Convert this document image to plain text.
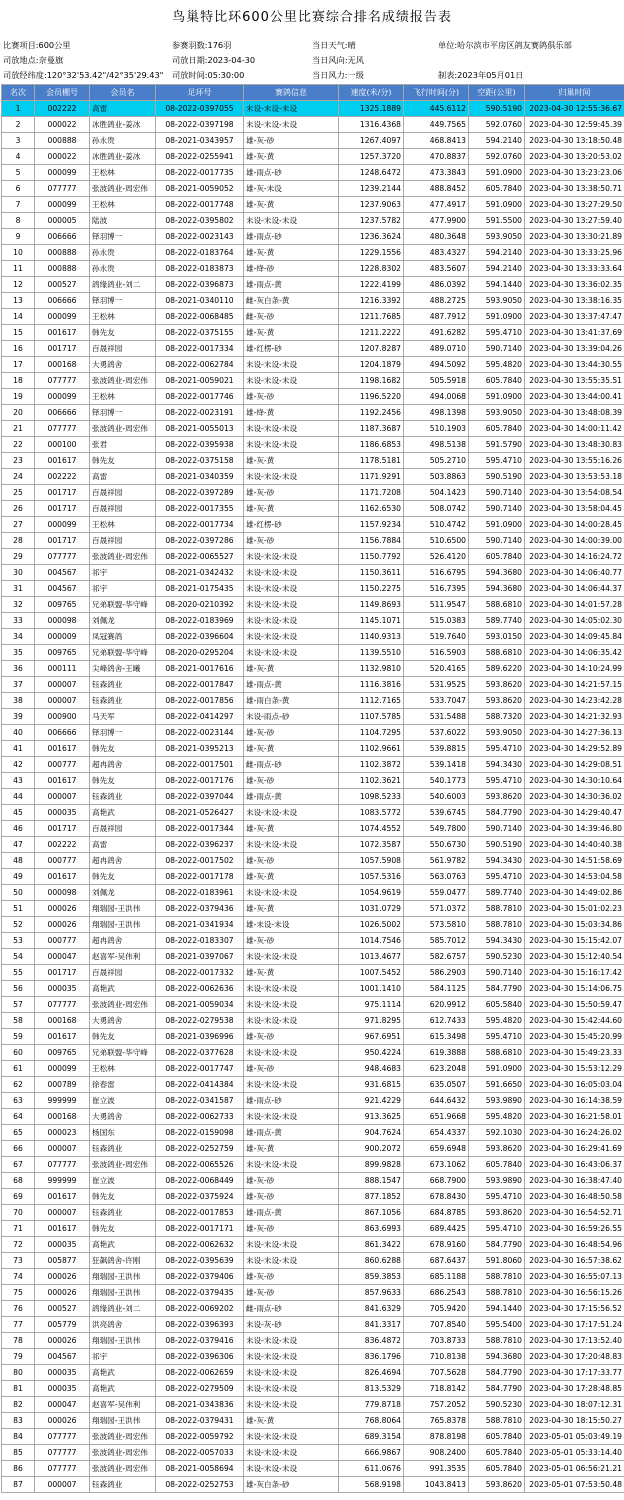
鸟巢特比环600公里比赛综合排名成绩报告表
比赛项目:600公里	参赛羽数:176羽	当日天气:晴	单位:哈尔滨市平房区鸽友赛鸽俱乐部
司放地点:奈曼旗	司放日期:2023-04-30	当日风向:无风
司放经纬度:120°32'53.42"/42°35'29.43" 司放时间:05:30:00	当日风力:一级	制表:2023年05月01日
名次	会员棚号	会员名	足环号	赛鸽信息	速度(米/分)	飞行时间(分)	空距(公里)	归巢时间
1	002222	高雷	08-2022-0397055	未设-未设-未设	1325.1889	445.6112	590.5190	2023-04-30 12:55:36.67
2	000022	冰胜鸽业-姜冰	08-2022-0397198	未设-未设-未设	1316.4368	449.7565	592.0760	2023-04-30 12:59:45.39
3	000888	孙永贵	08-2021-0343957	雄-灰-砂	1267.4097	468.8413	594.2140	2023-04-30 13:18:50.48
4	000022	冰胜鸽业-姜冰	08-2022-0255941	雄-灰-黄	1257.3720	470.8837	592.0760	2023-04-30 13:20:53.02
5	000099	王松林	08-2022-0017735	雄-雨点-砂	1248.6472	473.3843	591.0900	2023-04-30 13:23:23.06
6	077777	张波鸽业-周宏伟	08-2021-0059052	雄-灰-未设	1239.2144	488.8452	605.7840	2023-04-30 13:38:50.71
7	000099	王松林	08-2022-0017748	雄-灰-黄	1237.9063	477.4917	591.0900	2023-04-30 13:27:29.50
8	000005	陆波	08-2022-0395802	未设-未设-未设	1237.5782	477.9900	591.5500	2023-04-30 13:27:59.40
9	006666	铎羽博一	08-2022-0023143	雄-雨点-砂	1236.3624	480.3648	593.9050	2023-04-30 13:30:21.89
10	000888	孙永贵	08-2022-0183764	雄-灰-黄	1229.1556	483.4327	594.2140	2023-04-30 13:33:25.96
11	000888	孙永贵	08-2022-0183873	雄-绛-砂	1228.8302	483.5607	594.2140	2023-04-30 13:33:33.64
12	000527	鸽缘鸽业-刘二	08-2022-0396873	雄-雨点-黄	1222.4199	486.0392	594.1440	2023-04-30 13:36:02.35
13	006666	铎羽博一	08-2021-0340110	雌-灰白条-黄	1216.3392	488.2725	593.9050	2023-04-30 13:38:16.35
14	000099	王松林	08-2022-0068485	雌-灰-砂	1211.7685	487.7912	591.0900	2023-04-30 13:37:47.47
15	001617	韩先友	08-2022-0375155	雄-灰-黄	1211.2222	491.6282	595.4710	2023-04-30 13:41:37.69
16	001717	百晟祥园	08-2022-0017334	雄-红楞-砂	1207.8287	489.0710	590.7140	2023-04-30 13:39:04.26
17	000168	大勇鸽舍	08-2022-0062784	未设-未设-未设	1204.1879	494.5092	595.4820	2023-04-30 13:44:30.55
18	077777	张波鸽业-周宏伟	08-2021-0059021	未设-未设-未设	1198.1682	505.5918	605.7840	2023-04-30 13:55:35.51
19	000099	王松林	08-2022-0017746	雄-灰-砂	1196.5220	494.0068	591.0900	2023-04-30 13:44:00.41
20	006666	铎羽博一	08-2022-0023191	雄-绛-黄	1192.2456	498.1398	593.9050	2023-04-30 13:48:08.39
21	077777	张波鸽业-周宏伟	08-2021-0055013	未设-未设-未设	1187.3687	510.1903	605.7840	2023-04-30 14:00:11.42
22	000100	张君	08-2022-0395938	未设-未设-未设	1186.6853	498.5138	591.5790	2023-04-30 13:48:30.83
23	001617	韩先友	08-2022-0375158	雄-灰-黄	1178.5181	505.2710	595.4710	2023-04-30 13:55:16.26
24	002222	高雷	08-2021-0340359	未设-未设-未设	1171.9291	503.8863	590.5190	2023-04-30 13:53:53.18
25	001717	百晟祥园	08-2022-0397289	雄-灰-砂	1171.7208	504.1423	590.7140	2023-04-30 13:54:08.54
26	001717	百晟祥园	08-2022-0017355	雄-灰-黄	1162.6530	508.0742	590.7140	2023-04-30 13:58:04.45
27	000099	王松林	08-2022-0017734	雄-红楞-砂	1157.9234	510.4742	591.0900	2023-04-30 14:00:28.45
28	001717	百晟祥园	08-2022-0397286	雄-灰-砂	1156.7884	510.6500	590.7140	2023-04-30 14:00:39.00
29	077777	张波鸽业-周宏伟	08-2022-0065527	未设-未设-未设	1150.7792	526.4120	605.7840	2023-04-30 14:16:24.72
30	004567	祁宇	08-2021-0342432	未设-未设-未设	1150.3611	516.6795	594.3680	2023-04-30 14:06:40.77
31	004567	祁宇	08-2021-0175435	未设-未设-未设	1150.2275	516.7395	594.3680	2023-04-30 14:06:44.37
32	009765	兄弟联盟-华守峰	08-2020-0210392	未设-未设-未设	1149.8693	511.9547	588.6810	2023-04-30 14:01:57.28
33	000098	刘佩龙	08-2022-0183969	未设-未设-未设	1145.1071	515.0383	589.7740	2023-04-30 14:05:02.30
34	000009	凤冠赛鸽	08-2022-0396604	未设-未设-未设	1140.9313	519.7640	593.0150	2023-04-30 14:09:45.84
35	009765	兄弟联盟-华守峰	08-2020-0295204	未设-未设-未设	1139.5510	516.5903	588.6810	2023-04-30 14:06:35.42
36	000111	尖峰鸽舍-王曦	08-2021-0017616	雄-灰-黄	1132.9810	520.4165	589.6220	2023-04-30 14:10:24.99
37	000007	钰森鸽业	08-2022-0017847	雄-雨点-黄	1116.3816	531.9525	593.8620	2023-04-30 14:21:57.15
38	000007	钰森鸽业	08-2022-0017856	雄-雨白条-黄	1112.7165	533.7047	593.8620	2023-04-30 14:23:42.28
39	000900	马天军	08-2022-0414297	未设-雨点-砂	1107.5785	531.5488	588.7320	2023-04-30 14:21:32.93
40	006666	铎羽博一	08-2022-0023144	雄-灰-砂	1104.7295	537.6022	593.9050	2023-04-30 14:27:36.13
41	001617	韩先友	08-2021-0395213	雄-灰-黄	1102.9661	539.8815	595.4710	2023-04-30 14:29:52.89
42	000777	超冉鸽舍	08-2022-0017501	雌-雨点-砂	1102.3872	539.1418	594.3430	2023-04-30 14:29:08.51
43	001617	韩先友	08-2022-0017176	雄-灰-砂	1102.3621	540.1773	595.4710	2023-04-30 14:30:10.64
44	000007	钰森鸽业	08-2022-0397044	雄-雨点-黄	1098.5233	540.6003	593.8620	2023-04-30 14:30:36.02
45	000035	高艳武	08-2021-0526427	未设-未设-未设	1083.5772	539.6745	584.7790	2023-04-30 14:29:40.47
46	001717	百晟祥园	08-2022-0017344	雄-灰-黄	1074.4552	549.7800	590.7140	2023-04-30 14:39:46.80
47	002222	高雷	08-2022-0396237	未设-未设-未设	1072.3587	550.6730	590.5190	2023-04-30 14:40:40.38
48	000777	超冉鸽舍	08-2022-0017502	雄-灰-砂	1057.5908	561.9782	594.3430	2023-04-30 14:51:58.69
49	001617	韩先友	08-2022-0017178	雄-灰-黄	1057.5316	563.0763	595.4710	2023-04-30 14:53:04.58
50	000098	刘佩龙	08-2022-0183961	未设-未设-未设	1054.9619	559.0477	589.7740	2023-04-30 14:49:02.86
51	000026	翔瑞园-王洪伟	08-2022-0379436	雄-灰-黄	1031.0729	571.0372	588.7810	2023-04-30 15:01:02.23
52	000026	翔瑞园-王洪伟	08-2021-0341934	雄-未设-未设	1026.5002	573.5810	588.7810	2023-04-30 15:03:34.86
53	000777	超冉鸽舍	08-2022-0183307	雄-灰-砂	1014.7546	585.7012	594.3430	2023-04-30 15:15:42.07
54	000047	赵喜军-吴伟利	08-2021-0397067	未设-未设-未设	1013.4677	582.6757	590.5230	2023-04-30 15:12:40.54
55	001717	百晟祥园	08-2022-0017332	雄-灰-黄	1007.5452	586.2903	590.7140	2023-04-30 15:16:17.42
56	000035	高艳武	08-2022-0062636	未设-未设-未设	1001.1410	584.1125	584.7790	2023-04-30 15:14:06.75
57	077777	张波鸽业-周宏伟	08-2021-0059034	未设-未设-未设	975.1114	620.9912	605.5840	2023-04-30 15:50:59.47
58	000168	大勇鸽舍	08-2022-0279538	未设-未设-未设	971.8295	612.7433	595.4820	2023-04-30 15:42:44.60
59	001617	韩先友	08-2021-0396996	雄-灰-砂	967.6951	615.3498	595.4710	2023-04-30 15:45:20.99
60	009765	兄弟联盟-华守峰	08-2022-0377628	未设-未设-未设	950.4224	619.3888	588.6810	2023-04-30 15:49:23.33
61	000099	王松林	08-2022-0017747	雄-灰-砂	948.4683	623.2048	591.0900	2023-04-30 15:53:12.29
62	000789	徐春雷	08-2022-0414384	未设-未设-未设	931.6815	635.0507	591.6650	2023-04-30 16:05:03.04
63	999999	崔立波	08-2022-0341587	雄-雨点-砂	921.4229	644.6432	593.9890	2023-04-30 16:14:38.59
64	000168	大勇鸽舍	08-2022-0062733	未设-未设-未设	913.3625	651.9668	595.4820	2023-04-30 16:21:58.01
65	000023	杨国东	08-2022-0159098	雄-雨点-黄	904.7624	654.4337	592.1030	2023-04-30 16:24:26.02
66	000007	钰森鸽业	08-2022-0252759	雄-灰-黄	900.2072	659.6948	593.8620	2023-04-30 16:29:41.69
67	077777	张波鸽业-周宏伟	08-2022-0065526	未设-未设-未设	899.9828	673.1062	605.7840	2023-04-30 16:43:06.37
68	999999	崔立波	08-2022-0068449	雄-灰-砂	888.1547	668.7900	593.9890	2023-04-30 16:38:47.40
69	001617	韩先友	08-2022-0375924	雄-灰-砂	877.1852	678.8430	595.4710	2023-04-30 16:48:50.58
70	000007	钰森鸽业	08-2022-0017853	雄-雨点-黄	867.1056	684.8785	593.8620	2023-04-30 16:54:52.71
71	001617	韩先友	08-2022-0017171	雄-灰-砂	863.6993	689.4425	595.4710	2023-04-30 16:59:26.55
72	000035	高艳武	08-2022-0062632	未设-未设-未设	861.3422	678.9160	584.7790	2023-04-30 16:48:54.96
73	005877	狂飙鸽舍-许刚	08-2022-0395639	未设-未设-未设	860.6288	687.6437	591.8060	2023-04-30 16:57:38.62
74	000026	翔瑞园-王洪伟	08-2022-0379406	雄-灰-砂	859.3853	685.1188	588.7810	2023-04-30 16:55:07.13
75	000026	翔瑞园-王洪伟	08-2022-0379435	雄-灰-砂	857.9633	686.2543	588.7810	2023-04-30 16:56:15.26
76	000527	鸽缘鸽业-刘二	08-2022-0069202	雌-雨点-砂	841.6329	705.9420	594.1440	2023-04-30 17:15:56.52
77	005779	洪亮鸽舍	08-2022-0396393	未设-灰-砂	841.3317	707.8540	595.5400	2023-04-30 17:17:51.24
78	000026	翔瑞园-王洪伟	08-2022-0379416	未设-未设-未设	836.4872	703.8733	588.7810	2023-04-30 17:13:52.40
79	004567	祁宇	08-2022-0396306	未设-未设-未设	836.1796	710.8138	594.3680	2023-04-30 17:20:48.83
80	000035	高艳武	08-2022-0062659	未设-未设-未设	826.4694	707.5628	584.7790	2023-04-30 17:17:33.77
81	000035	高艳武	08-2022-0279509	未设-未设-未设	813.5329	718.8142	584.7790	2023-04-30 17:28:48.85
82	000047	赵喜军-吴伟利	08-2021-0343836	未设-未设-未设	779.8718	757.2052	590.5230	2023-04-30 18:07:12.31
83	000026	翔瑞园-王洪伟	08-2022-0379431	雄-灰-黄	768.8064	765.8378	588.7810	2023-04-30 18:15:50.27
84	077777	张波鸽业-周宏伟	08-2022-0059792	未设-未设-未设	689.3154	878.8198	605.7840	2023-05-01 05:03:49.19
85	077777	张波鸽业-周宏伟	08-2022-0057033	未设-未设-未设	666.9867	908.2400	605.7840	2023-05-01 05:33:14.40
86	077777	张波鸽业-周宏伟	08-2021-0058694	未设-未设-未设	611.0676	991.3535	605.7840	2023-05-01 06:56:21.21
87	000007	钰森鸽业	08-2022-0252753	雄-灰白条-砂	568.9198	1043.8413	593.8620	2023-05-01 07:53:50.48
